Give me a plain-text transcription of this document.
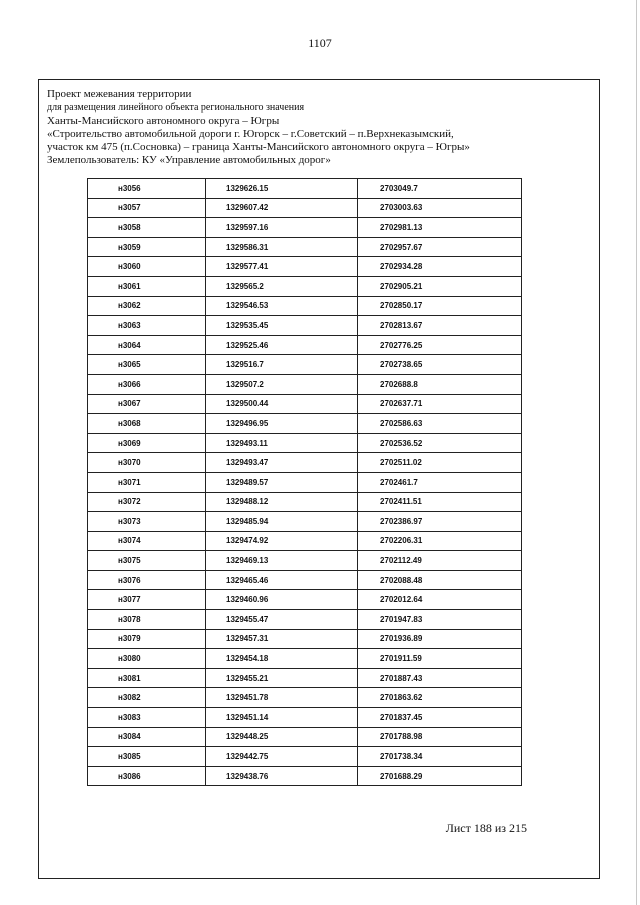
1107
Проект межевания территории
для размещения линейного объекта регионального значения
Ханты-Мансийского автономного округа – Югры
«Строительство автомобильной дороги г. Югорск – г.Советский – п.Верхнеказымский,
участок км 475 (п.Сосновка) – граница Ханты-Мансийского автономного округа – Югры»
Землепользователь: КУ «Управление автомобильных дорог»
н3056	1329626.15	2703049.7
н3057	1329607.42	2703003.63
н3058	1329597.16	2702981.13
н3059	1329586.31	2702957.67
н3060	1329577.41	2702934.28
н3061	1329565.2	2702905.21
н3062	1329546.53	2702850.17
н3063	1329535.45	2702813.67
н3064	1329525.46	2702776.25
н3065	1329516.7	2702738.65
н3066	1329507.2	2702688.8
н3067	1329500.44	2702637.71
н3068	1329496.95	2702586.63
н3069	1329493.11	2702536.52
н3070	1329493.47	2702511.02
н3071	1329489.57	2702461.7
н3072	1329488.12	2702411.51
н3073	1329485.94	2702386.97
н3074	1329474.92	2702206.31
н3075	1329469.13	2702112.49
н3076	1329465.46	2702088.48
н3077	1329460.96	2702012.64
н3078	1329455.47	2701947.83
н3079	1329457.31	2701936.89
н3080	1329454.18	2701911.59
н3081	1329455.21	2701887.43
н3082	1329451.78	2701863.62
н3083	1329451.14	2701837.45
н3084	1329448.25	2701788.98
н3085	1329442.75	2701738.34
н3086	1329438.76	2701688.29
Лист 188 из 215
